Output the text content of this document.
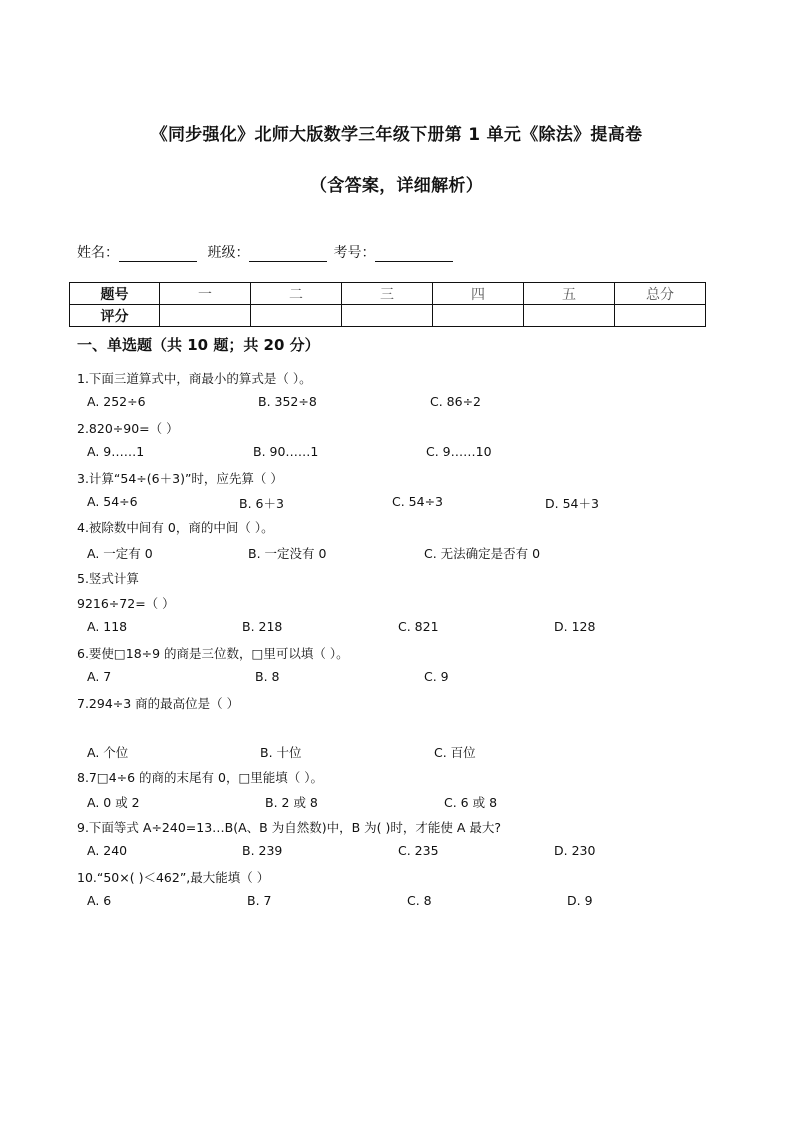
《同步强化》北师大版数学三年级下册第 1 单元《除法》提高卷
（含答案，详细解析）
姓名：	班级：	考号：
题号	一	二	三	四	五	总分
评分						
一、单选题（共 10 题；共 20 分）
1.下面三道算式中，商最小的算式是（ ）。
A. 252÷6	B. 352÷8	C. 86÷2
2.820÷90=（ ）
A. 9……1	B. 90……1	C. 9……10
3.计算“54÷(6＋3)”时，应先算（ ）
A. 54÷6	B. 6＋3	C. 54÷3	D. 54＋3
4.被除数中间有 0，商的中间（ ）。
A. 一定有 0	B. 一定没有 0	C. 无法确定是否有 0
5.竖式计算
9216÷72=（ ）
A. 118	B. 218	C. 821	D. 128
6.要使□18÷9 的商是三位数，□里可以填（ ）。
A. 7	B. 8	C. 9
7.294÷3 商的最高位是（ ）
A. 个位	B. 十位	C. 百位
8.7□4÷6 的商的末尾有 0，□里能填（ ）。
A. 0 或 2	B. 2 或 8	C. 6 或 8
9.下面等式 A÷240=13…B(A、B 为自然数)中，B 为( )时，才能使 A 最大?
A. 240	B. 239	C. 235	D. 230
10.“50×( )＜462”,最大能填（ ）
A. 6	B. 7	C. 8	D. 9
